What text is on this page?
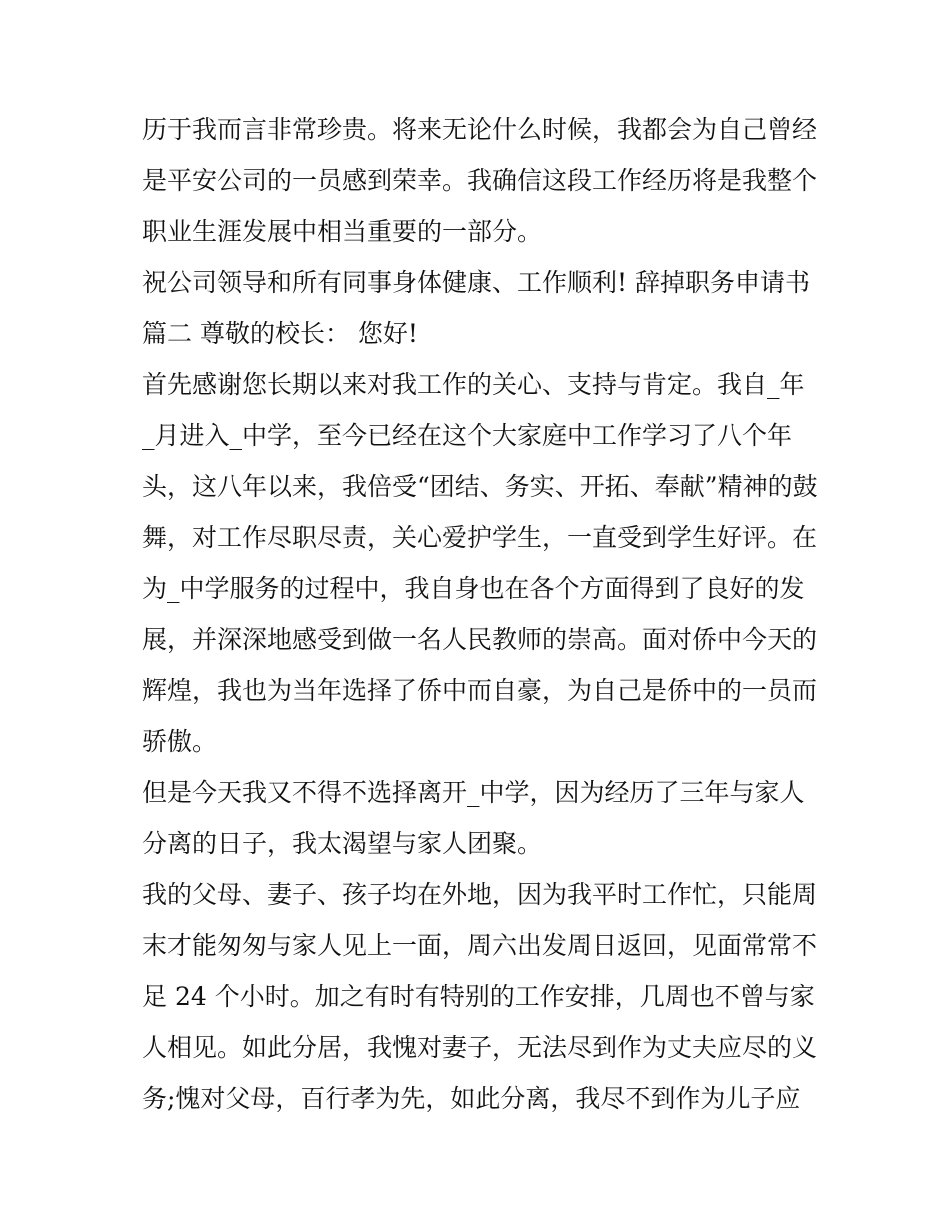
历于我而言非常珍贵。将来无论什么时候，我都会为自己曾经
是平安公司的一员感到荣幸。我确信这段工作经历将是我整个
职业生涯发展中相当重要的一部分。
祝公司领导和所有同事身体健康、工作顺利! 辞掉职务申请书
篇二 尊敬的校长： 您好!
首先感谢您长期以来对我工作的关心、支持与肯定。我自_年
_月进入_中学，至今已经在这个大家庭中工作学习了八个年
头，这八年以来，我倍受“团结、务实、开拓、奉献”精神的鼓
舞，对工作尽职尽责，关心爱护学生，一直受到学生好评。在
为_中学服务的过程中，我自身也在各个方面得到了良好的发
展，并深深地感受到做一名人民教师的崇高。面对侨中今天的
辉煌，我也为当年选择了侨中而自豪，为自己是侨中的一员而
骄傲。
但是今天我又不得不选择离开_中学，因为经历了三年与家人
分离的日子，我太渴望与家人团聚。
我的父母、妻子、孩子均在外地，因为我平时工作忙，只能周
末才能匆匆与家人见上一面，周六出发周日返回，见面常常不
足 24 个小时。加之有时有特别的工作安排，几周也不曾与家
人相见。如此分居，我愧对妻子，无法尽到作为丈夫应尽的义
务;愧对父母，百行孝为先，如此分离，我尽不到作为儿子应
